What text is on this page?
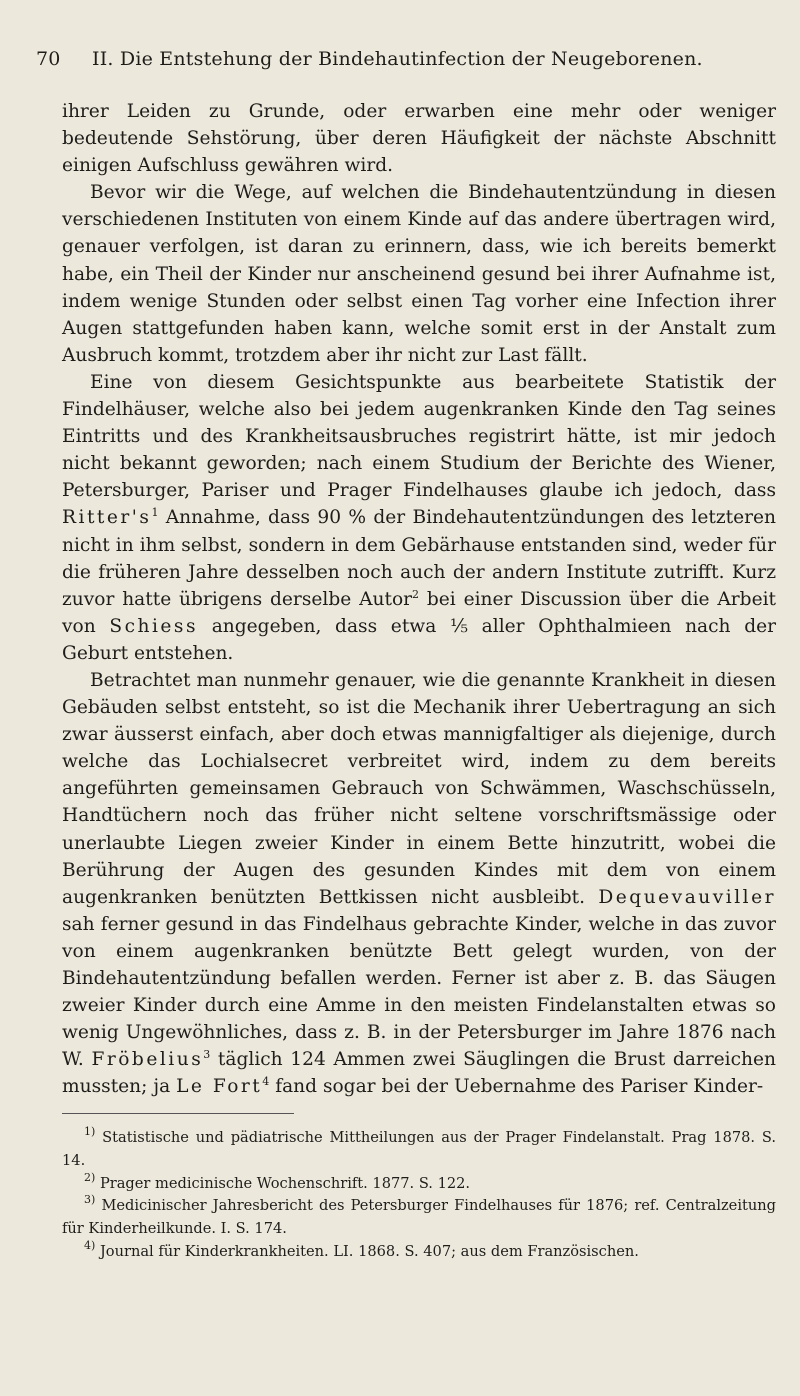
70 II. Die Entstehung der Bindehautinfection der Neugeborenen.

ihrer Leiden zu Grunde, oder erwarben eine mehr oder weniger bedeutende Sehstörung, über deren Häufigkeit der nächste Abschnitt einigen Aufschluss gewähren wird.

Bevor wir die Wege, auf welchen die Bindehautentzündung in diesen verschiedenen Instituten von einem Kinde auf das andere übertragen wird, genauer verfolgen, ist daran zu erinnern, dass, wie ich bereits bemerkt habe, ein Theil der Kinder nur anscheinend gesund bei ihrer Aufnahme ist, indem wenige Stunden oder selbst einen Tag vorher eine Infection ihrer Augen stattgefunden haben kann, welche somit erst in der Anstalt zum Ausbruch kommt, trotzdem aber ihr nicht zur Last fällt.

Eine von diesem Gesichtspunkte aus bearbeitete Statistik der Findelhäuser, welche also bei jedem augenkranken Kinde den Tag seines Eintritts und des Krankheitsausbruches registrirt hätte, ist mir jedoch nicht bekannt geworden; nach einem Studium der Berichte des Wiener, Petersburger, Pariser und Prager Findelhauses glaube ich jedoch, dass $Ritter's^1$ Annahme, dass 90 % der Bindehautentzündungen des letzteren nicht in ihm selbst, sondern in dem Gebärhause entstanden sind, weder für die früheren Jahre desselben noch auch der andern Institute zutrifft. Kurz zuvor hatte übrigens derselbe Autor$^2$ bei einer Discussion über die Arbeit von Schiess angegeben, dass etwa ⅕ aller Ophthalmieen nach der Geburt entstehen.

Betrachtet man nunmehr genauer, wie die genannte Krankheit in diesen Gebäuden selbst entsteht, so ist die Mechanik ihrer Uebertragung an sich zwar äusserst einfach, aber doch etwas mannigfaltiger als diejenige, durch welche das Lochialsecret verbreitet wird, indem zu dem bereits angeführten gemeinsamen Gebrauch von Schwämmen, Waschschüsseln, Handtüchern noch das früher nicht seltene vorschriftsmässige oder unerlaubte Liegen zweier Kinder in einem Bette hinzutritt, wobei die Berührung der Augen des gesunden Kindes mit dem von einem augenkranken benützten Bettkissen nicht ausbleibt. Dequevauviller sah ferner gesund in das Findelhaus gebrachte Kinder, welche in das zuvor von einem augenkranken benützte Bett gelegt wurden, von der Bindehautentzündung befallen werden. Ferner ist aber z. B. das Säugen zweier Kinder durch eine Amme in den meisten Findelanstalten etwas so wenig Ungewöhnliches, dass z. B. in der Petersburger im Jahre 1876 nach W. Fröbelius$^3$ täglich 124 Ammen zwei Säuglingen die Brust darreichen mussten; ja Le Fort$^4$ fand sogar bei der Uebernahme des Pariser Kinder-

$^{1)}$ Statistische und pädiatrische Mittheilungen aus der Prager Findelanstalt. Prag 1878. S. 14.

$^{2)}$ Prager medicinische Wochenschrift. 1877. S. 122.

$^{3)}$ Medicinischer Jahresbericht des Petersburger Findelhauses für 1876; ref. Centralzeitung für Kinderheilkunde. I. S. 174.

$^{4)}$ Journal für Kinderkrankheiten. LI. 1868. S. 407; aus dem Französischen.
